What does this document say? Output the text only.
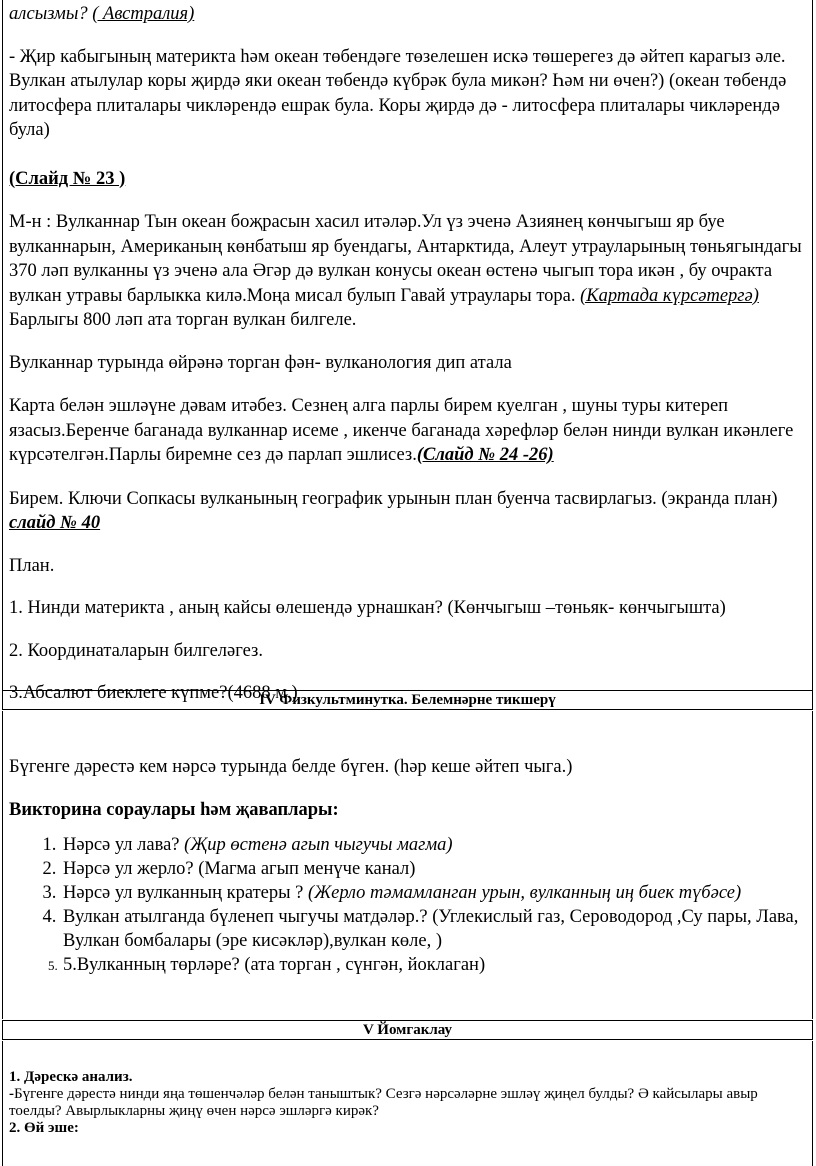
алсызмы? ( Австралия)

- Җир кабыгының материкта һәм океан төбендәге төзелешен искә төшерегез дә әйтеп карагыз әле. Вулкан атылулар коры җирдә яки океан төбендә күбрәк була микән? Һәм ни өчен?) (океан төбендә литосфера плиталары чикләрендә ешрак була. Коры җирдә дә - литосфера плиталары чикләрендә була)

(Слайд № 23 )

М-н : Вулканнар Тын океан боҗрасын хасил итәләр.Ул үз эченә Азиянең көнчыгыш яр буе вулканнарын, Американың көнбатыш яр буендагы, Антарктида, Алеут утрауларының төньягындагы 370 ләп вулканны үз эченә ала Әгәр дә вулкан конусы океан өстенә чыгып тора икән , бу очракта вулкан утравы барлыкка килә.Моңа мисал булып Гавай утраулары тора. (Картада күрсәтергә) Барлыгы 800 ләп ата торган вулкан билгеле.

Вулканнар турында өйрәнә торган фән- вулканология дип атала

Карта белән эшләүне дәвам итәбез. Сезнең алга парлы бирем куелган , шуны туры китереп язасыз.Беренче баганада вулканнар исеме , икенче баганада хәрефләр белән нинди вулкан икәнлеге күрсәтелгән.Парлы биремне сез дә парлап эшлисез.(Слайд № 24 -26)

Бирем. Ключи Сопкасы вулканының географик урынын план буенча тасвирлагыз. (экранда план) слайд № 40

План.

1. Нинди материкта , аның кайсы өлешендә урнашкан? (Көнчыгыш –төньяк- көнчыгышта)

2. Координаталарын билгеләгез.

3.Абсалют биеклеге күпме?(4688 м.)

IV Физкультминутка. Белемнәрне тикшерү

Бүгенге дәрестә кем нәрсә турында белде бүген. (һәр кеше әйтеп чыга.)

Викторина сораулары һәм җаваплары:

1. Нәрсә ул лава? (Җир өстенә агып чыгучы магма)
2. Нәрсә ул жерло? (Магма агып менүче канал)
3. Нәрсә ул вулканның кратеры ? (Жерло тәмамланган урын, вулканның иң биек түбәсе)
4. Вулкан атылганда бүленеп чыгучы матдәләр.? (Углекислый газ, Сероводород ,Су пары, Лава, Вулкан бомбалары (эре кисәкләр),вулкан көле, )
5. 5.Вулканның төрләре? (ата торган , сүнгән, йоклаган)
V Йомгаклау

1. Дәрескә анализ.

-Бүгенге дәрестә нинди яңа төшенчәләр белән таныштык? Сезгә нәрсәләрне эшләү җиңел булды? Ә кайсылары авыр тоелды? Авырлыкларны җиңү өчен нәрсә эшләргә кирәк?

2. Өй эше:
